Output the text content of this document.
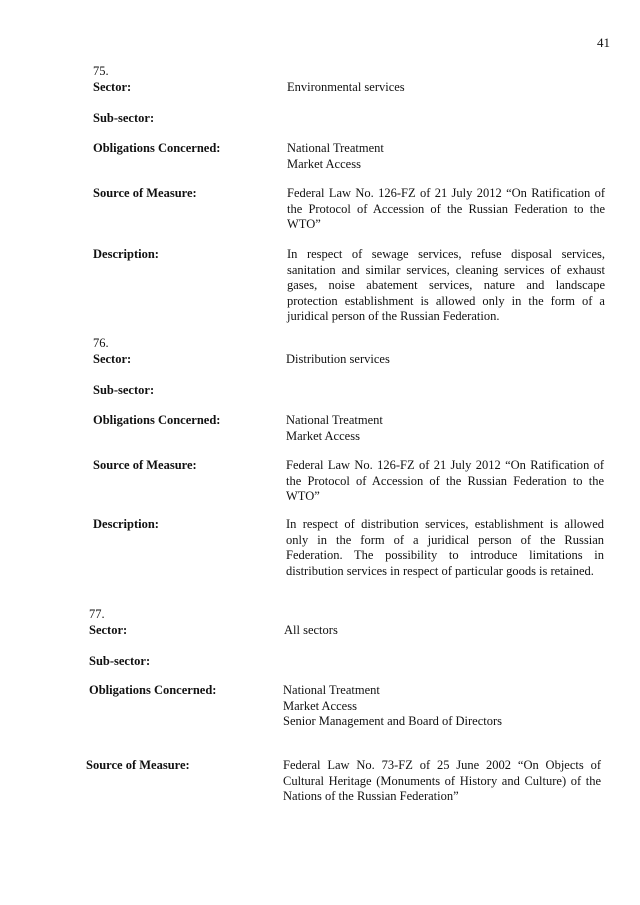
41
75.
Sector:	Environmental services
Sub-sector:
Obligations Concerned:	National Treatment
Market Access
Source of Measure:	Federal Law No. 126-FZ of 21 July 2012 “On Ratification of the Protocol of Accession of the Russian Federation to the WTO”
Description:	In respect of sewage services, refuse disposal services, sanitation and similar services, cleaning services of exhaust gases, noise abatement services, nature and landscape protection establishment is allowed only in the form of a juridical person of the Russian Federation.
76.
Sector:	Distribution services
Sub-sector:
Obligations Concerned:	National Treatment
Market Access
Source of Measure:	Federal Law No. 126-FZ of 21 July 2012 “On Ratification of the Protocol of Accession of the Russian Federation to the WTO”
Description:	In respect of distribution services, establishment is allowed only in the form of a juridical person of the Russian Federation. The possibility to introduce limitations in distribution services in respect of particular goods is retained.
77.
Sector:	All sectors
Sub-sector:
Obligations Concerned:	National Treatment
Market Access
Senior Management and Board of Directors
Source of Measure:	Federal Law No. 73-FZ of 25 June 2002 “On Objects of Cultural Heritage (Monuments of History and Culture) of the Nations of the Russian Federation”
